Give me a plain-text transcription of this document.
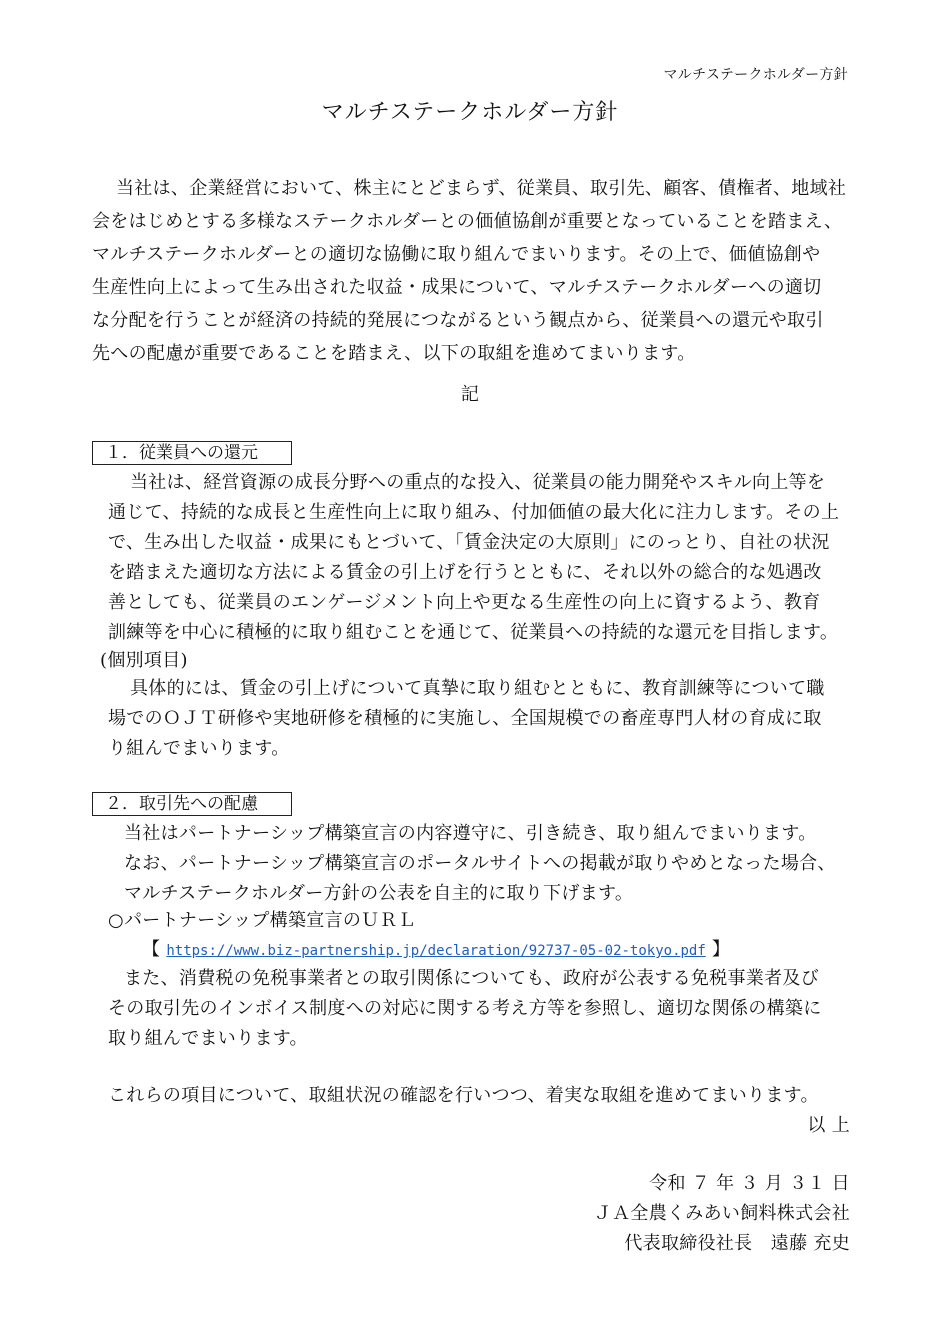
マルチステークホルダー方針
マルチステークホルダー方針
当社は、企業経営において、株主にとどまらず、従業員、取引先、顧客、債権者、地域社
会をはじめとする多様なステークホルダーとの価値協創が重要となっていることを踏まえ、
マルチステークホルダーとの適切な協働に取り組んでまいります。その上で、価値協創や
生産性向上によって生み出された収益・成果について、マルチステークホルダーへの適切
な分配を行うことが経済の持続的発展につながるという観点から、従業員への還元や取引
先への配慮が重要であることを踏まえ、以下の取組を進めてまいります。
記
１．従業員への還元
当社は、経営資源の成長分野への重点的な投入、従業員の能力開発やスキル向上等を
通じて、持続的な成長と生産性向上に取り組み、付加価値の最大化に注力します。その上
で、生み出した収益・成果にもとづいて、「賃金決定の大原則」にのっとり、自社の状況
を踏まえた適切な方法による賃金の引上げを行うとともに、それ以外の総合的な処遇改
善としても、従業員のエンゲージメント向上や更なる生産性の向上に資するよう、教育
訓練等を中心に積極的に取り組むことを通じて、従業員への持続的な還元を目指します。
(個別項目)
具体的には、賃金の引上げについて真摯に取り組むとともに、教育訓練等について職
場でのＯＪＴ研修や実地研修を積極的に実施し、全国規模での畜産専門人材の育成に取
り組んでまいります。
２．取引先への配慮
当社はパートナーシップ構築宣言の内容遵守に、引き続き、取り組んでまいります。
なお、パートナーシップ構築宣言のポータルサイトへの掲載が取りやめとなった場合、
マルチステークホルダー方針の公表を自主的に取り下げます。
○パートナーシップ構築宣言のＵＲＬ
【 https://www.biz-partnership.jp/declaration/92737-05-02-tokyo.pdf 】
また、消費税の免税事業者との取引関係についても、政府が公表する免税事業者及び
その取引先のインボイス制度への対応に関する考え方等を参照し、適切な関係の構築に
取り組んでまいります。
これらの項目について、取組状況の確認を行いつつ、着実な取組を進めてまいります。
以 上
令和 ７ 年 ３ 月 ３１ 日
ＪＡ全農くみあい飼料株式会社
代表取締役社長　遠藤 充史
